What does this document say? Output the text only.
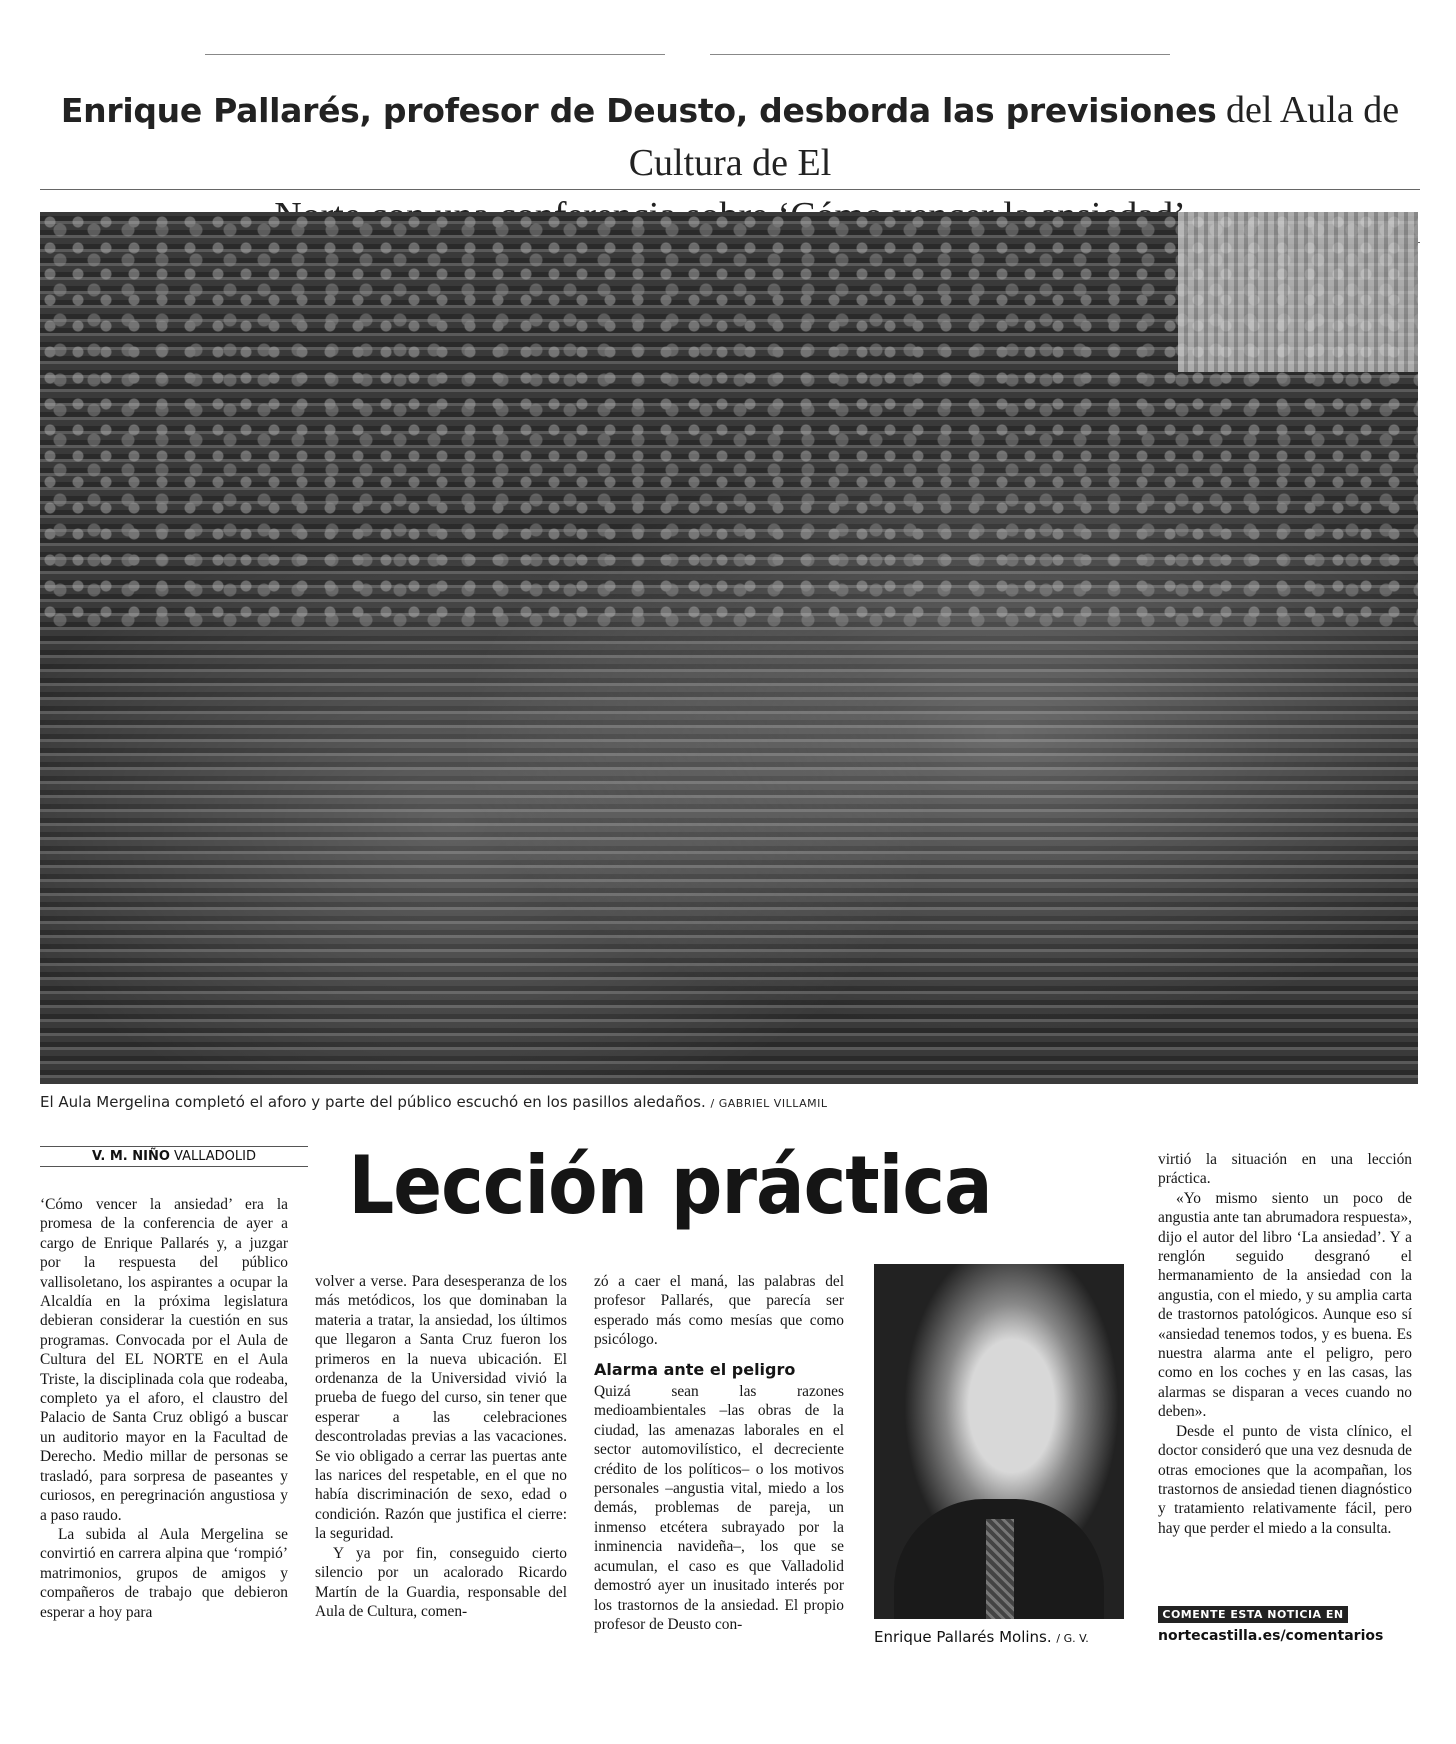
Enrique Pallarés, profesor de Deusto, desborda las previsiones del Aula de Cultura de El
El Aula Mergelina completó el aforo y parte del público escuchó en los pasillos aledaños. / GABRIEL VILLAMIL
V. M. NIÑO VALLADOLID	Lección práctica

‘Cómo vencer la ansiedad’ era la promesa de la conferencia de ayer a cargo de Enrique Pallarés y, a juzgar por la respuesta del público vallisoletano, los aspirantes a ocupar la Alcaldía en la próxima legislatura debieran considerar la cuestión en sus programas. Convocada por el Aula de Cultura del EL NORTE en el Aula Triste, la disciplinada cola que rodeaba, completo ya el aforo, el claustro del Palacio de Santa Cruz obligó a buscar un auditorio mayor en la Facultad de Derecho. Medio millar de personas se trasladó, para sorpresa de paseantes y curiosos, en peregrinación angustiosa y a paso raudo.

La subida al Aula Mergelina se convirtió en carrera alpina que ‘rompió’ matrimonios, grupos de amigos y compañeros de trabajo que debieron esperar a hoy para

volver a verse. Para desesperanza de los más metódicos, los que dominaban la materia a tratar, la ansiedad, los últimos que llegaron a Santa Cruz fueron los primeros en la nueva ubicación. El ordenanza de la Universidad vivió la prueba de fuego del curso, sin tener que esperar a las celebraciones descontroladas previas a las vacaciones. Se vio obligado a cerrar las puertas ante las narices del respetable, en el que no había discriminación de sexo, edad o condición. Razón que justifica el cierre: la seguridad.

Y ya por fin, conseguido cierto silencio por un acalorado Ricardo Martín de la Guardia, responsable del Aula de Cultura, comen-

zó a caer el maná, las palabras del profesor Pallarés, que parecía ser esperado más como mesías que como psicólogo.

Alarma ante el peligro

Quizá sean las razones medioambientales –las obras de la ciudad, las amenazas laborales en el sector automovilístico, el decreciente crédito de los políticos– o los motivos personales –angustia vital, miedo a los demás, problemas de pareja, un inmenso etcétera subrayado por la inminencia navideña–, los que se acumulan, el caso es que Valladolid demostró ayer un inusitado interés por los trastornos de la ansiedad. El propio profesor de Deusto con-

Enrique Pallarés Molins. / G. V.

virtió la situación en una lección práctica.

«Yo mismo siento un poco de angustia ante tan abrumadora respuesta», dijo el autor del libro ‘La ansiedad’. Y a renglón seguido desgranó el hermanamiento de la ansiedad con la angustia, con el miedo, y su amplia carta de trastornos patológicos. Aunque eso sí «ansiedad tenemos todos, y es buena. Es nuestra alarma ante el peligro, pero como en los coches y en las casas, las alarmas se disparan a veces cuando no deben».

Desde el punto de vista clínico, el doctor consideró que una vez desnuda de otras emociones que la acompañan, los trastornos de ansiedad tienen diagnóstico y tratamiento relativamente fácil, pero hay que perder el miedo a la consulta.

COMENTE ESTA NOTICIA EN
nortecastilla.es/comentarios
